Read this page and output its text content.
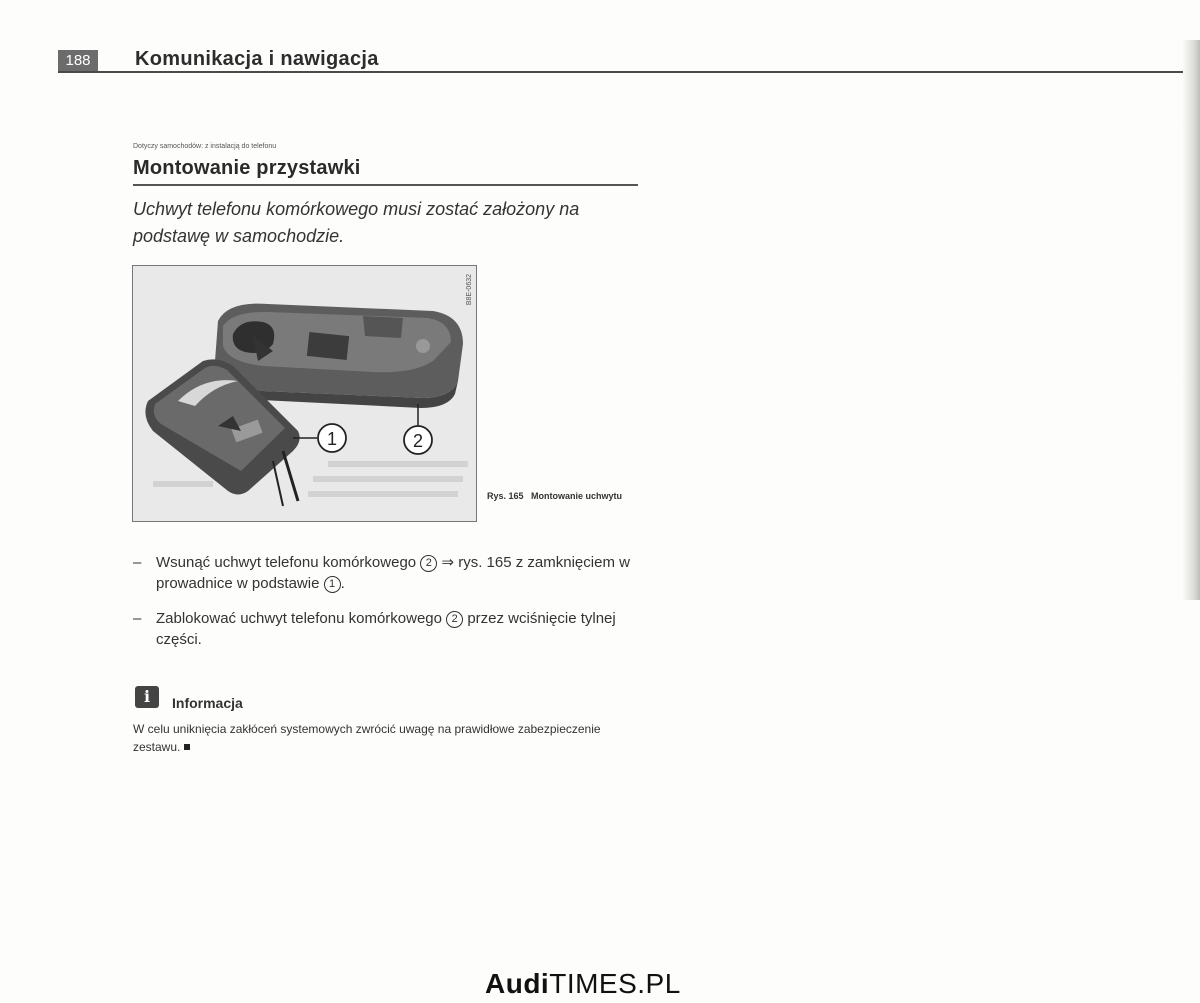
188	Komunikacja i nawigacja
Dotyczy samochodów: z instalacją do telefonu
Montowanie przystawki
Uchwyt telefonu komórkowego musi zostać założony na podstawę w samochodzie.
1	2
B8E-0632
Rys. 165 Montowanie uchwytu
– Wsunąć uchwyt telefonu komórkowego 2 ⇒ rys. 165 z zamknięciem w prowadnice w podstawie 1 .
– Zablokować uchwyt telefonu komórkowego 2 przez wciśnięcie tylnej części.
i	Informacja
W celu uniknięcia zakłóceń systemowych zwrócić uwagę na prawidłowe zabezpieczenie zestawu.
AudiTIMES.PL
